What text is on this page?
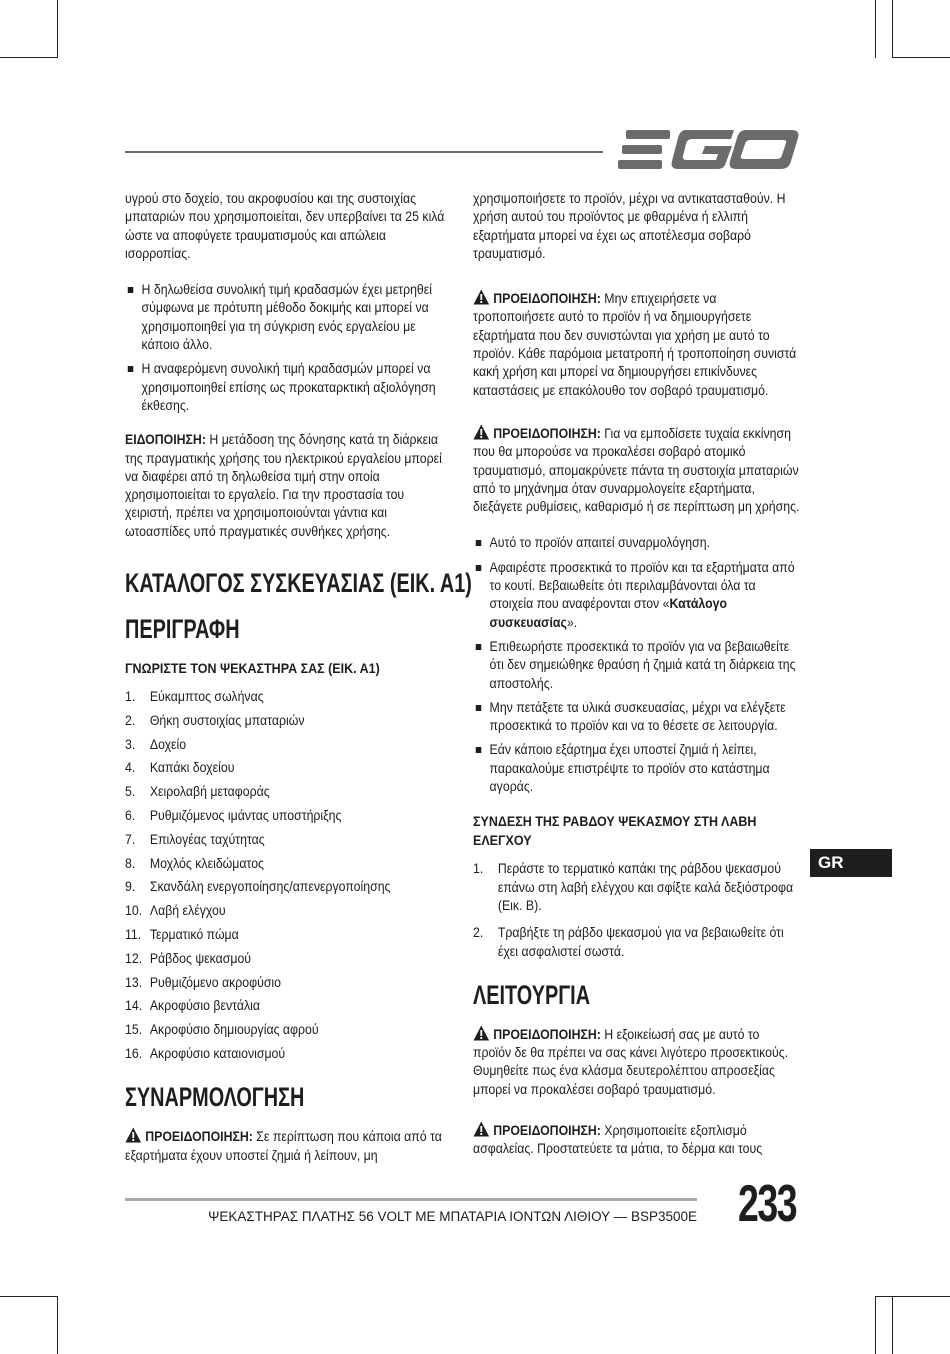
υγρού στο δοχείο, του ακροφυσίου και της συστοιχίας μπαταριών που χρησιμοποιείται, δεν υπερβαίνει τα 25 κιλά ώστε να αποφύγετε τραυματισμούς και απώλεια ισορροπίας.

Η δηλωθείσα συνολική τιμή κραδασμών έχει μετρηθεί σύμφωνα με πρότυπη μέθοδο δοκιμής και μπορεί να χρησιμοποιηθεί για τη σύγκριση ενός εργαλείου με κάποιο άλλο.
Η αναφερόμενη συνολική τιμή κραδασμών μπορεί να χρησιμοποιηθεί επίσης ως προκαταρκτική αξιολόγηση έκθεσης.

ΕΙΔΟΠΟΙΗΣΗ: Η μετάδοση της δόνησης κατά τη διάρκεια της πραγματικής χρήσης του ηλεκτρικού εργαλείου μπορεί να διαφέρει από τη δηλωθείσα τιμή στην οποία χρησιμοποιείται το εργαλείο. Για την προστασία του χειριστή, πρέπει να χρησιμοποιούνται γάντια και ωτοασπίδες υπό πραγματικές συνθήκες χρήσης.

ΚΑΤΑΛΟΓΟΣ ΣΥΣΚΕΥΑΣΙΑΣ (ΕΙΚ. Α1)
ΠΕΡΙΓΡΑΦΗ
ΓΝΩΡΙΣΤΕ ΤΟΝ ΨΕΚΑΣΤΗΡΑ ΣΑΣ (ΕΙΚ. Α1)
1.	Εύκαμπτος σωλήνας
2.	Θήκη συστοιχίας μπαταριών
3.	Δοχείο
4.	Καπάκι δοχείου
5.	Χειρολαβή μεταφοράς
6.	Ρυθμιζόμενος ιμάντας υποστήριξης
7.	Επιλογέας ταχύτητας
8.	Μοχλός κλειδώματος
9.	Σκανδάλη ενεργοποίησης/απενεργοποίησης
10. Λαβή ελέγχου
11. Τερματικό πώμα
12. Ράβδος ψεκασμού
13. Ρυθμιζόμενο ακροφύσιο
14. Ακροφύσιο βεντάλια
15. Ακροφύσιο δημιουργίας αφρού
16. Ακροφύσιο καταιονισμού
ΣΥΝΑΡΜΟΛΟΓΗΣΗ

ΠΡΟΕΙΔΟΠΟΙΗΣΗ: Σε περίπτωση που κάποια από τα εξαρτήματα έχουν υποστεί ζημιά ή λείπουν, μη

χρησιμοποιήσετε το προϊόν, μέχρι να αντικατασταθούν. Η χρήση αυτού του προϊόντος με φθαρμένα ή ελλιπή εξαρτήματα μπορεί να έχει ως αποτέλεσμα σοβαρό τραυματισμό.

ΠΡΟΕΙΔΟΠΟΙΗΣΗ: Μην επιχειρήσετε να τροποποιήσετε αυτό το προϊόν ή να δημιουργήσετε εξαρτήματα που δεν συνιστώνται για χρήση με αυτό το προϊόν. Κάθε παρόμοια μετατροπή ή τροποποίηση συνιστά κακή χρήση και μπορεί να δημιουργήσει επικίνδυνες καταστάσεις με επακόλουθο τον σοβαρό τραυματισμό.

ΠΡΟΕΙΔΟΠΟΙΗΣΗ: Για να εμποδίσετε τυχαία εκκίνηση που θα μπορούσε να προκαλέσει σοβαρό ατομικό τραυματισμό, απομακρύνετε πάντα τη συστοιχία μπαταριών από το μηχάνημα όταν συναρμολογείτε εξαρτήματα, διεξάγετε ρυθμίσεις, καθαρισμό ή σε περίπτωση μη χρήσης.

Αυτό το προϊόν απαιτεί συναρμολόγηση.
Αφαιρέστε προσεκτικά το προϊόν και τα εξαρτήματα από το κουτί. Βεβαιωθείτε ότι περιλαμβάνονται όλα τα στοιχεία που αναφέρονται στον «Κατάλογο συσκευασίας».
Επιθεωρήστε προσεκτικά το προϊόν για να βεβαιωθείτε ότι δεν σημειώθηκε θραύση ή ζημιά κατά τη διάρκεια της αποστολής.
Μην πετάξετε τα υλικά συσκευασίας, μέχρι να ελέγξετε προσεκτικά το προϊόν και να το θέσετε σε λειτουργία.
Εάν κάποιο εξάρτημα έχει υποστεί ζημιά ή λείπει, παρακαλούμε επιστρέψτε το προϊόν στο κατάστημα αγοράς.
ΣΥΝΔΕΣΗ ΤΗΣ ΡΑΒΔΟΥ ΨΕΚΑΣΜΟΥ ΣΤΗ ΛΑΒΗ ΕΛΕΓΧΟΥ
1.	Περάστε το τερματικό καπάκι της ράβδου ψεκασμού επάνω στη λαβή ελέγχου και σφίξτε καλά δεξιόστροφα (Εικ. B).
2.	Τραβήξτε τη ράβδο ψεκασμού για να βεβαιωθείτε ότι έχει ασφαλιστεί σωστά.
ΛΕΙΤΟΥΡΓΙΑ

ΠΡΟΕΙΔΟΠΟΙΗΣΗ: Η εξοικείωσή σας με αυτό το προϊόν δε θα πρέπει να σας κάνει λιγότερο προσεκτικούς. Θυμηθείτε πως ένα κλάσμα δευτερολέπτου απροσεξίας μπορεί να προκαλέσει σοβαρό τραυματισμό.

ΠΡΟΕΙΔΟΠΟΙΗΣΗ: Χρησιμοποιείτε εξοπλισμό ασφαλείας. Προστατεύετε τα μάτια, το δέρμα και τους

GR
ΨΕΚΑΣΤΗΡΑΣ ΠΛΑΤΗΣ 56 VOLT ΜΕ ΜΠΑΤΑΡΙΑ ΙΟΝΤΩΝ ΛΙΘΙΟΥ — BSP3500E 233
